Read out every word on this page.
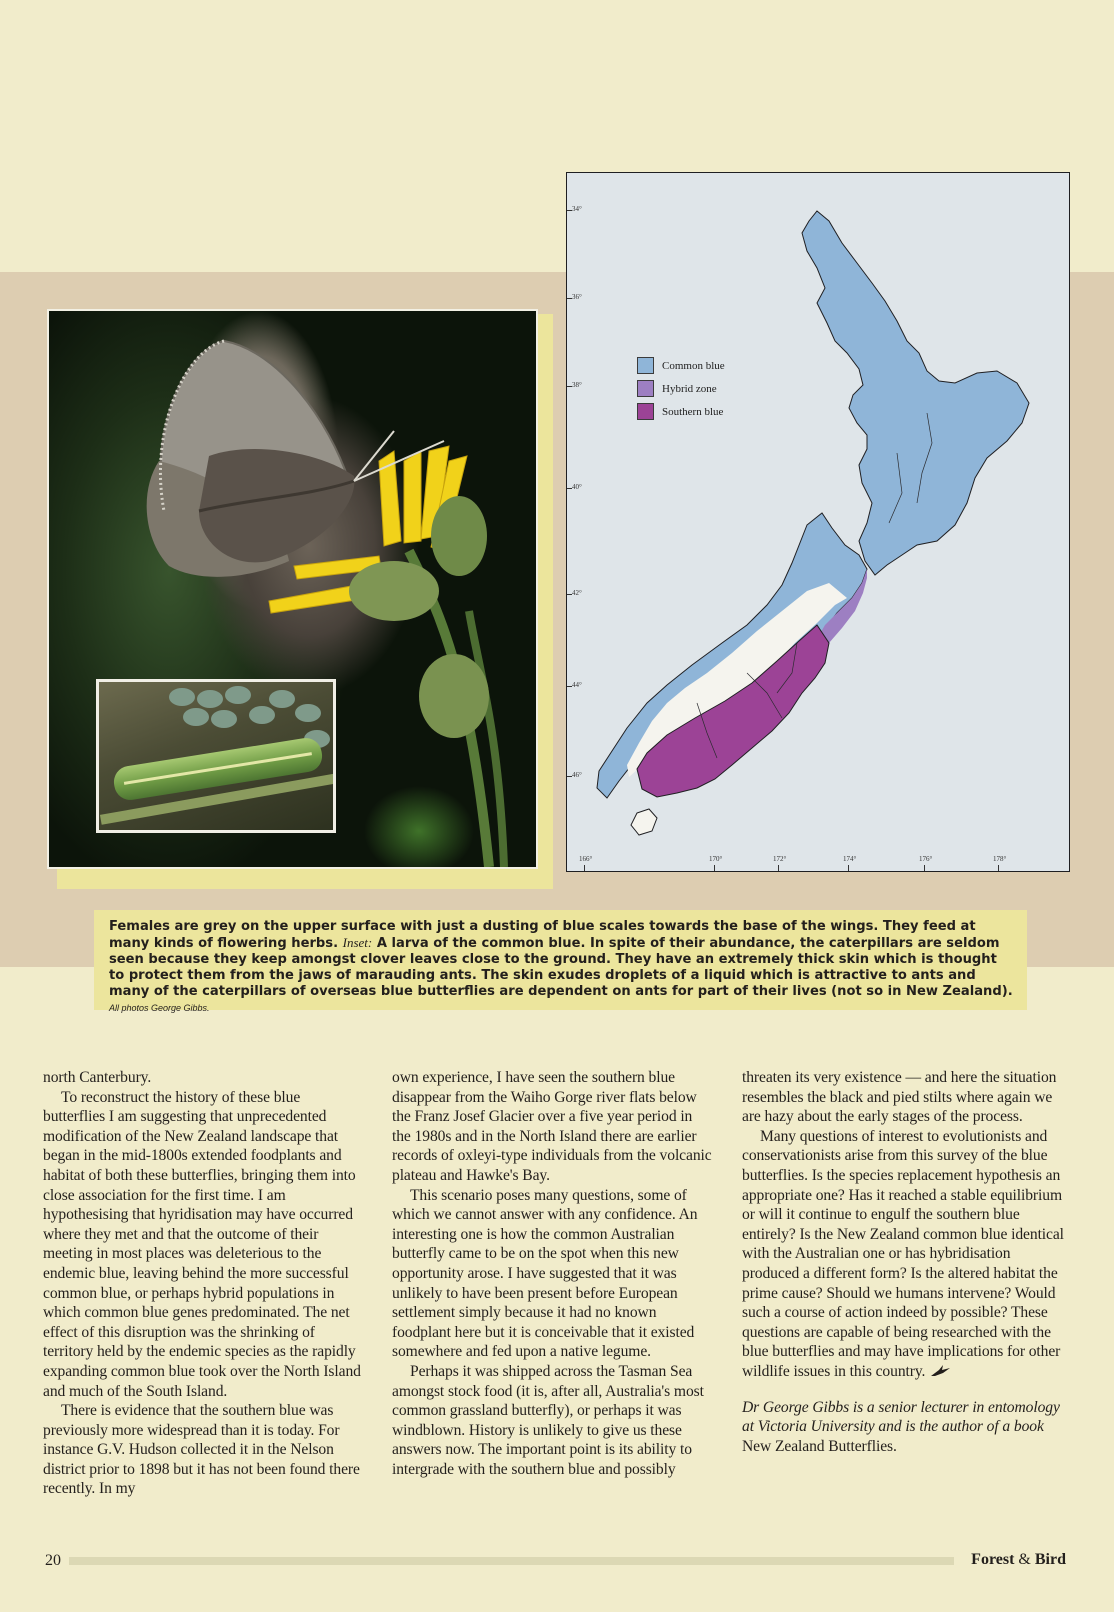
Common blue
Hybrid zone
Southern blue
34°
36°
38°
40°
42°
44°
46°
166°	170°	172°	174°	176°	178°
Females are grey on the upper surface with just a dusting of blue scales towards the base of the wings. They feed at many kinds of flowering herbs. Inset: A larva of the common blue. In spite of their abundance, the caterpillars are seldom seen because they keep amongst clover leaves close to the ground. They have an extremely thick skin which is thought to protect them from the jaws of marauding ants. The skin exudes droplets of a liquid which is attractive to ants and many of the caterpillars of overseas blue butterflies are dependent on ants for part of their lives (not so in New Zealand). All photos George Gibbs.

north Canterbury.

To reconstruct the history of these blue butterflies I am suggesting that unprecedented modification of the New Zealand landscape that began in the mid-1800s extended foodplants and habitat of both these butterflies, bringing them into close association for the first time. I am hypothesising that hyridisation may have occurred where they met and that the outcome of their meeting in most places was deleterious to the endemic blue, leaving behind the more successful common blue, or perhaps hybrid populations in which common blue genes predominated. The net effect of this disruption was the shrinking of territory held by the endemic species as the rapidly expanding common blue took over the North Island and much of the South Island.

There is evidence that the southern blue was previously more widespread than it is today. For instance G.V. Hudson collected it in the Nelson district prior to 1898 but it has not been found there recently. In my

own experience, I have seen the southern blue disappear from the Waiho Gorge river flats below the Franz Josef Glacier over a five year period in the 1980s and in the North Island there are earlier records of oxleyi-type individuals from the volcanic plateau and Hawke's Bay.

This scenario poses many questions, some of which we cannot answer with any confidence. An interesting one is how the common Australian butterfly came to be on the spot when this new opportunity arose. I have suggested that it was unlikely to have been present before European settlement simply because it had no known foodplant here but it is conceivable that it existed somewhere and fed upon a native legume.

Perhaps it was shipped across the Tasman Sea amongst stock food (it is, after all, Australia's most common grassland butterfly), or perhaps it was windblown. History is unlikely to give us these answers now. The important point is its ability to intergrade with the southern blue and possibly

threaten its very existence — and here the situation resembles the black and pied stilts where again we are hazy about the early stages of the process.

Many questions of interest to evolutionists and conservationists arise from this survey of the blue butterflies. Is the species replacement hypothesis an appropriate one? Has it reached a stable equilibrium or will it continue to engulf the southern blue entirely? Is the New Zealand common blue identical with the Australian one or has hybridisation produced a different form? Is the altered habitat the prime cause? Should we humans intervene? Would such a course of action indeed by possible? These questions are capable of being researched with the blue butterflies and may have implications for other wildlife issues in this country.

Dr George Gibbs is a senior lecturer in entomology at Victoria University and is the author of a book New Zealand Butterflies.

20	Forest & Bird
